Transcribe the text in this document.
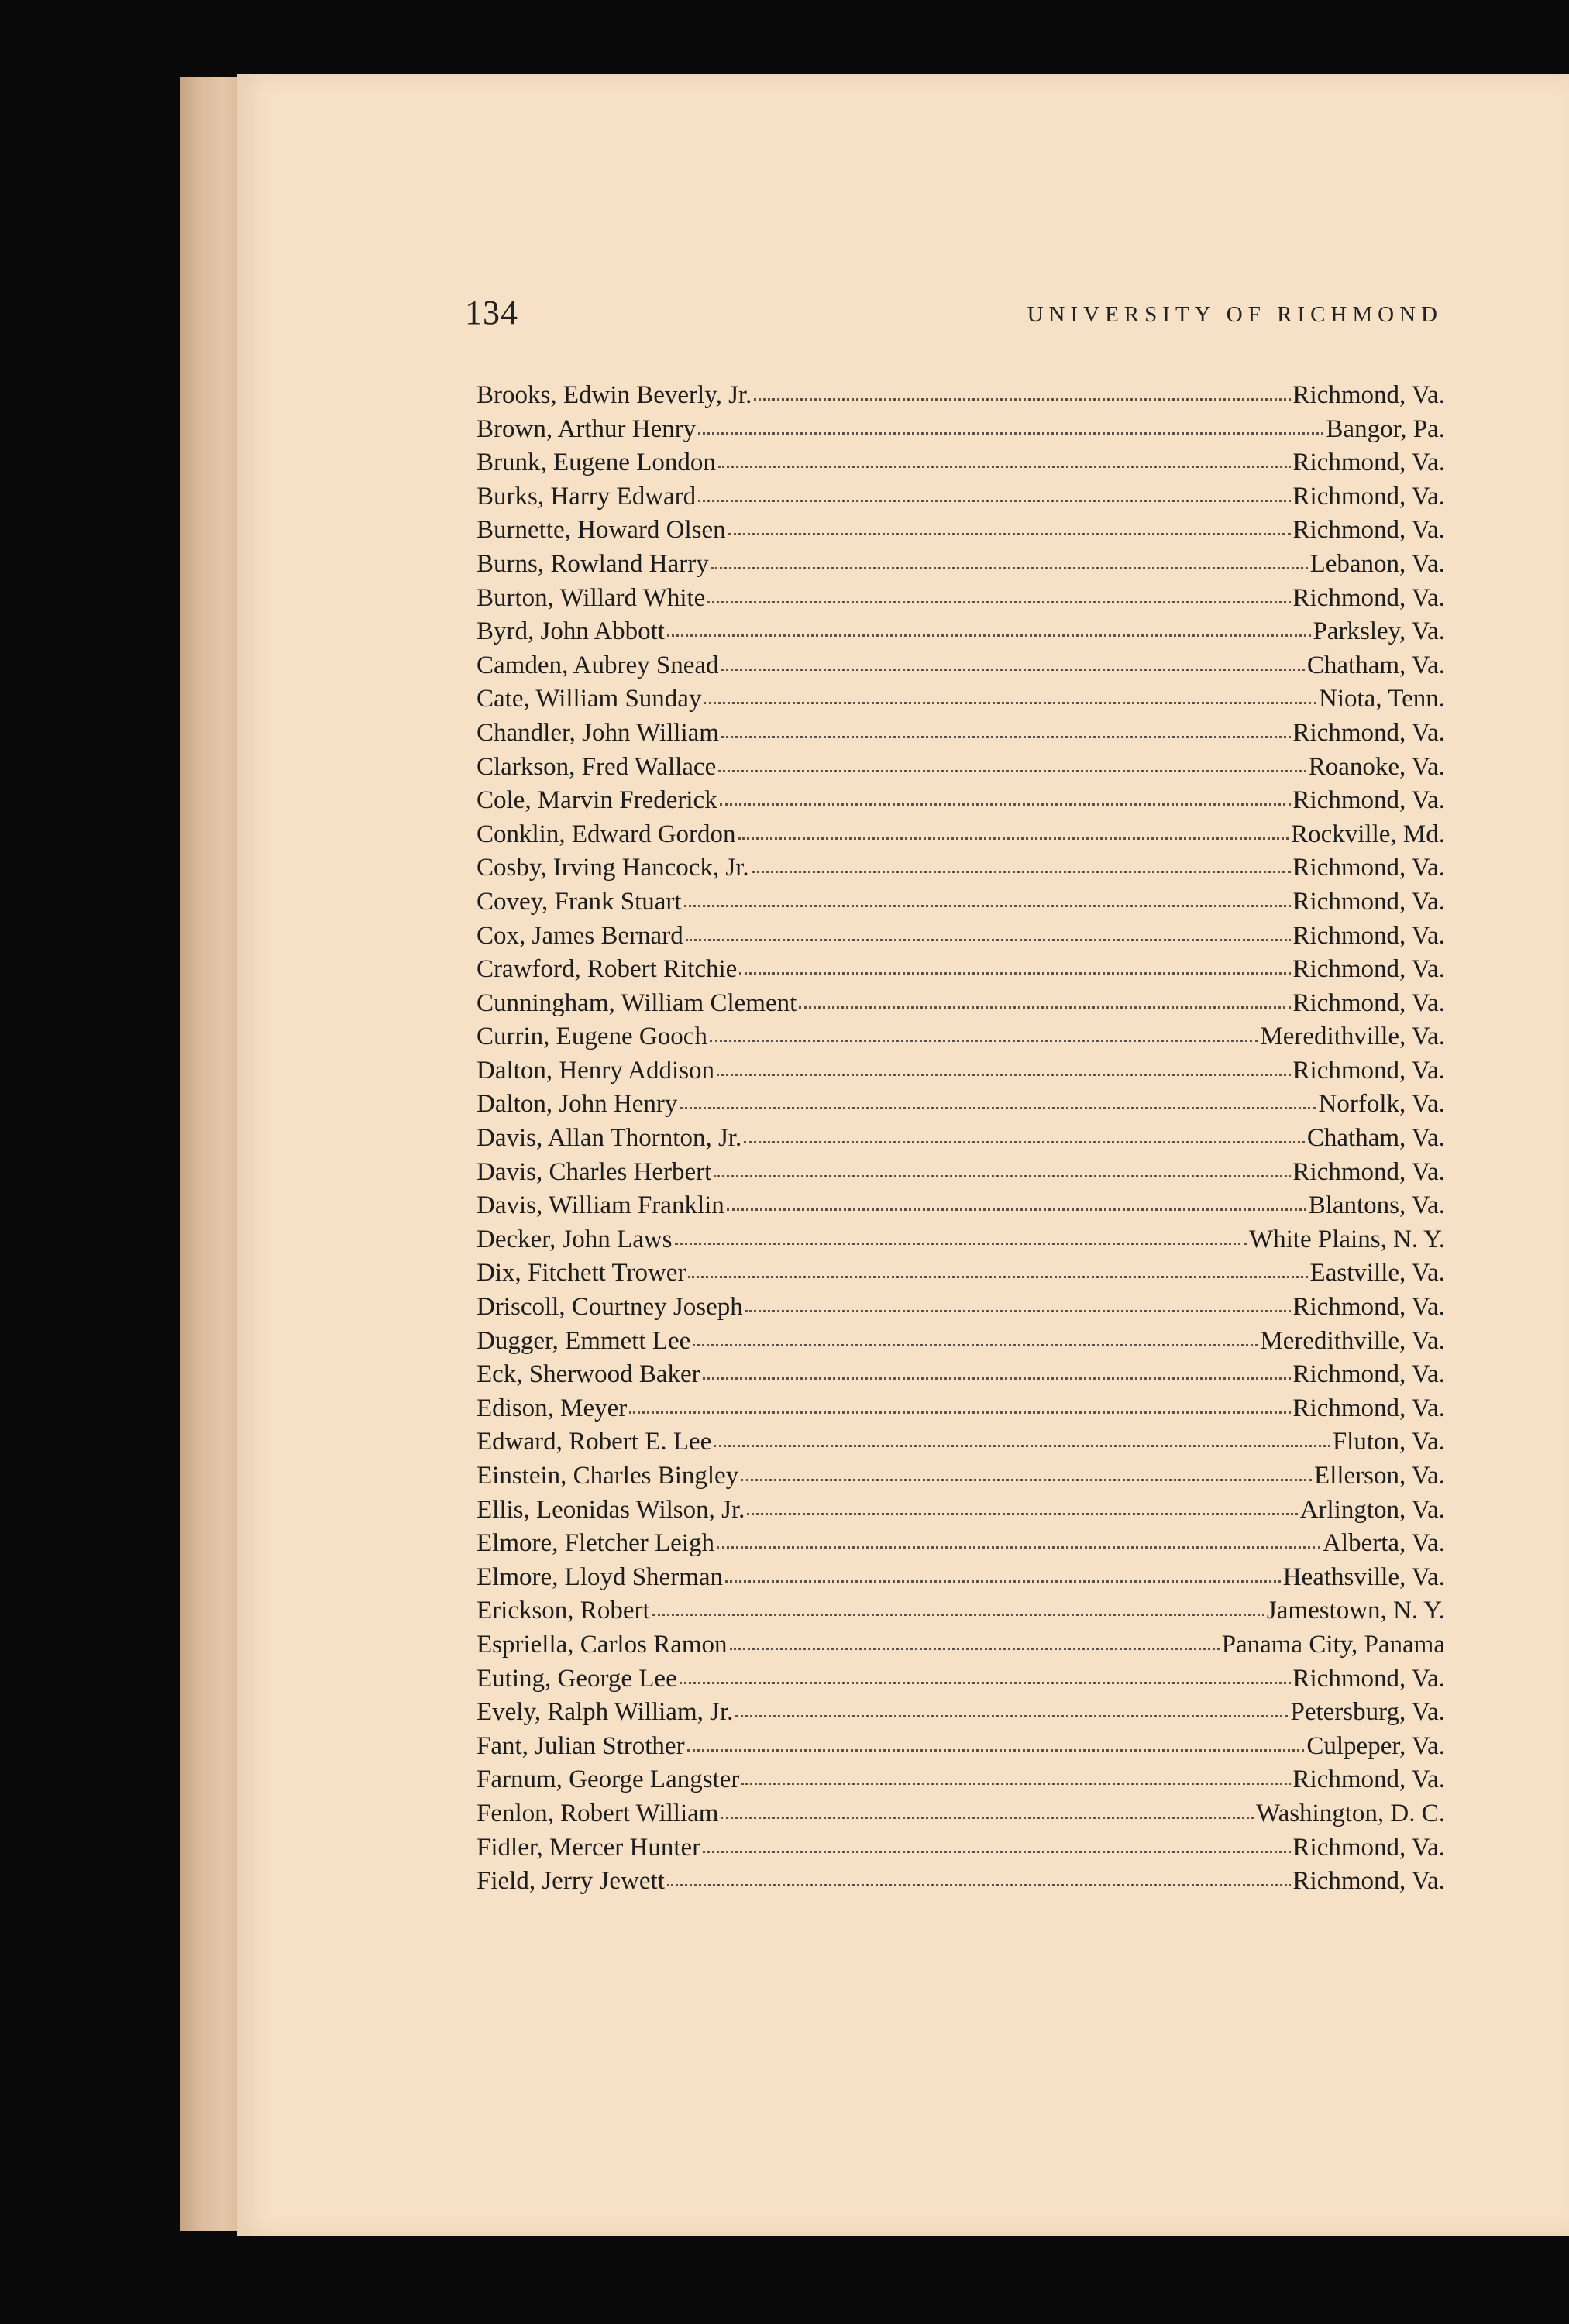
134	UNIVERSITY OF RICHMOND
Brooks, Edwin Beverly, Jr.	Richmond, Va.
Brown, Arthur Henry	Bangor, Pa.
Brunk, Eugene London	Richmond, Va.
Burks, Harry Edward	Richmond, Va.
Burnette, Howard Olsen	Richmond, Va.
Burns, Rowland Harry	Lebanon, Va.
Burton, Willard White	Richmond, Va.
Byrd, John Abbott	Parksley, Va.
Camden, Aubrey Snead	Chatham, Va.
Cate, William Sunday	Niota, Tenn.
Chandler, John William	Richmond, Va.
Clarkson, Fred Wallace	Roanoke, Va.
Cole, Marvin Frederick	Richmond, Va.
Conklin, Edward Gordon	Rockville, Md.
Cosby, Irving Hancock, Jr.	Richmond, Va.
Covey, Frank Stuart	Richmond, Va.
Cox, James Bernard	Richmond, Va.
Crawford, Robert Ritchie	Richmond, Va.
Cunningham, William Clement	Richmond, Va.
Currin, Eugene Gooch	Meredithville, Va.
Dalton, Henry Addison	Richmond, Va.
Dalton, John Henry	Norfolk, Va.
Davis, Allan Thornton, Jr.	Chatham, Va.
Davis, Charles Herbert	Richmond, Va.
Davis, William Franklin	Blantons, Va.
Decker, John Laws	White Plains, N. Y.
Dix, Fitchett Trower	Eastville, Va.
Driscoll, Courtney Joseph	Richmond, Va.
Dugger, Emmett Lee	Meredithville, Va.
Eck, Sherwood Baker	Richmond, Va.
Edison, Meyer	Richmond, Va.
Edward, Robert E. Lee	Fluton, Va.
Einstein, Charles Bingley	Ellerson, Va.
Ellis, Leonidas Wilson, Jr.	Arlington, Va.
Elmore, Fletcher Leigh	Alberta, Va.
Elmore, Lloyd Sherman	Heathsville, Va.
Erickson, Robert	Jamestown, N. Y.
Espriella, Carlos Ramon	Panama City, Panama
Euting, George Lee	Richmond, Va.
Evely, Ralph William, Jr.	Petersburg, Va.
Fant, Julian Strother	Culpeper, Va.
Farnum, George Langster	Richmond, Va.
Fenlon, Robert William	Washington, D. C.
Fidler, Mercer Hunter	Richmond, Va.
Field, Jerry Jewett	Richmond, Va.
